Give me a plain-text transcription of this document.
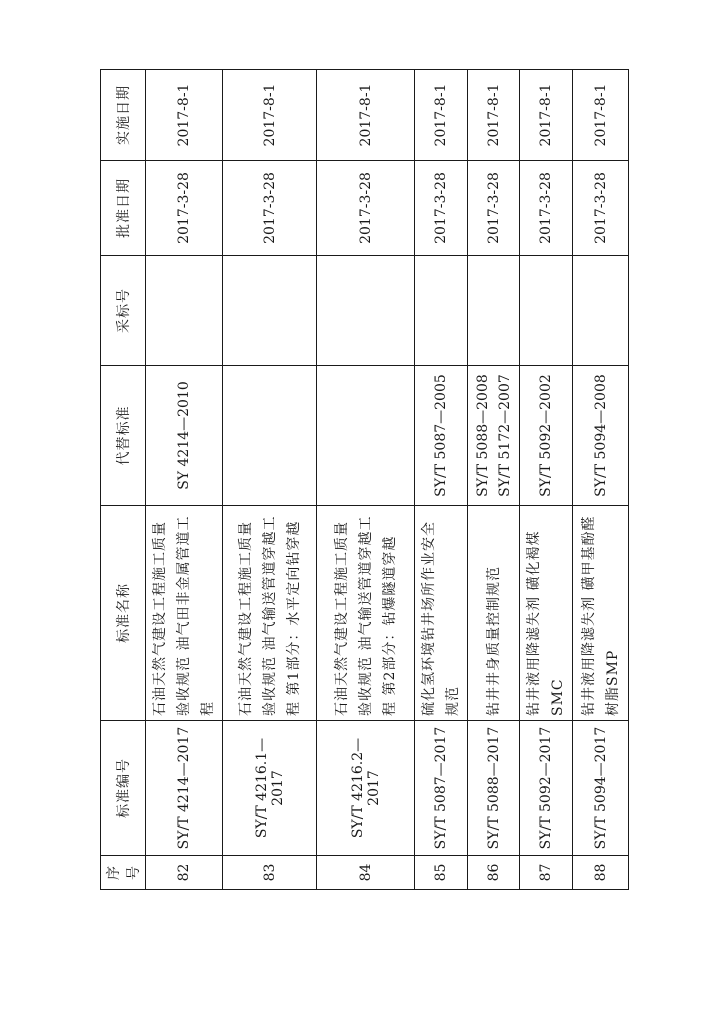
序号	标准编号	标准名称	代替标准	采标号	批准日期	实施日期
82	SY/T 4214—2017	石油天然气建设工程施工质量验收规范 油气田非金属管道工程	SY 4214—2010		2017-3-28	2017-8-1
83	SY/T 4216.1—2017	石油天然气建设工程施工质量验收规范 油气输送管道穿越工程 第1部分：水平定向钻穿越			2017-3-28	2017-8-1
84	SY/T 4216.2—2017	石油天然气建设工程施工质量验收规范 油气输送管道穿越工程 第2部分：钻爆隧道穿越			2017-3-28	2017-8-1
85	SY/T 5087—2017	硫化氢环境钻井场所作业安全规范	SY/T 5087—2005		2017-3-28	2017-8-1
86	SY/T 5088—2017	钻井井身质量控制规范	SY/T 5088—2008 SY/T 5172—2007		2017-3-28	2017-8-1
87	SY/T 5092—2017	钻井液用降滤失剂 磺化褐煤SMC	SY/T 5092—2002		2017-3-28	2017-8-1
88	SY/T 5094—2017	钻井液用降滤失剂 磺甲基酚醛树脂SMP	SY/T 5094—2008		2017-3-28	2017-8-1
